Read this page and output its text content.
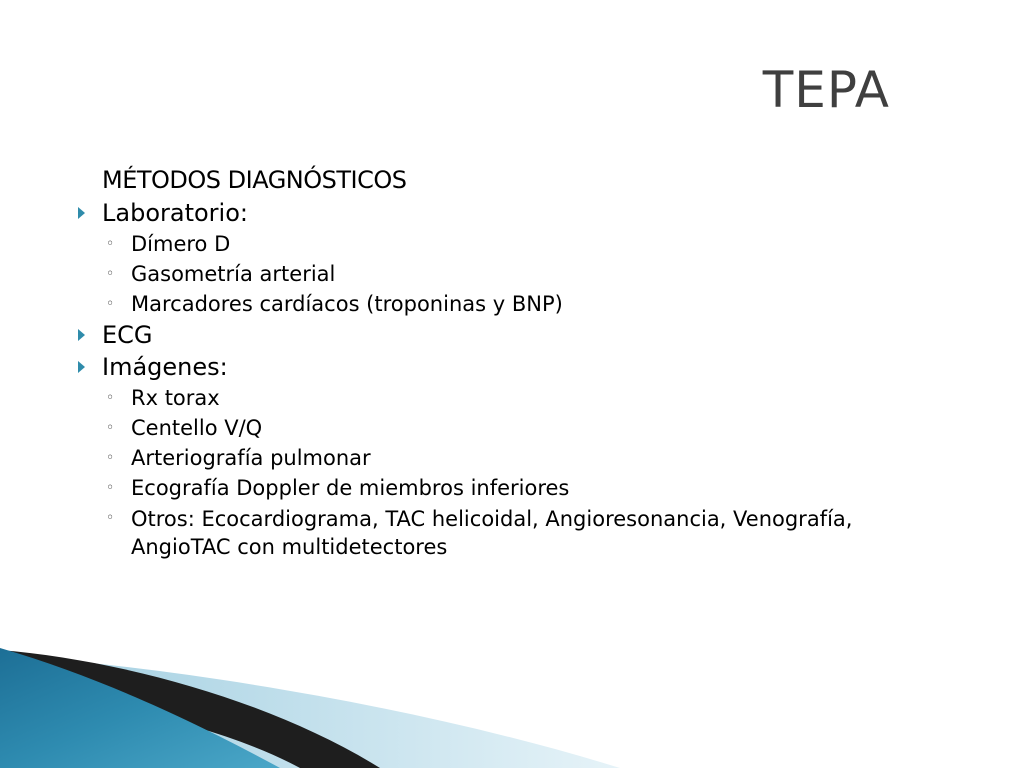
TEPA
MÉTODOS DIAGNÓSTICOS
Laboratorio:
◦ Dímero D
◦ Gasometría arterial
◦ Marcadores cardíacos (troponinas y BNP)
ECG
Imágenes:
◦ Rx torax
◦ Centello V/Q
◦ Arteriografía pulmonar
◦ Ecografía Doppler de miembros inferiores
◦ Otros: Ecocardiograma, TAC helicoidal, Angioresonancia, Venografía, AngioTAC con multidetectores
